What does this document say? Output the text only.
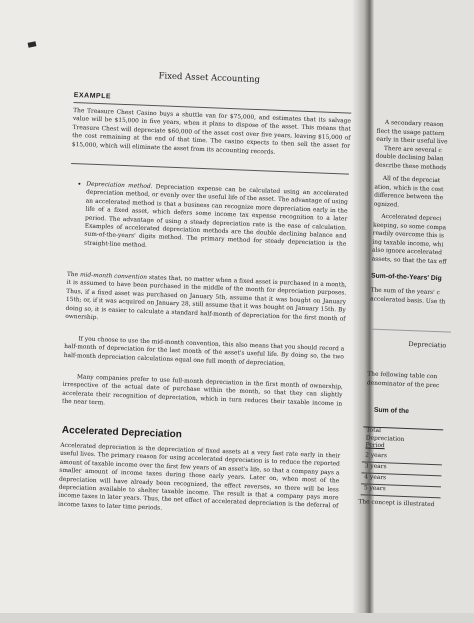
Fixed Asset Accounting
EXAMPLE
The Treasure Chest Casino buys a shuttle van for $75,000, and estimates that its salvage value will be $15,000 in five years, when it plans to dispose of the asset. This means that Treasure Chest will depreciate $60,000 of the asset cost over five years, leaving $15,000 of the cost remaining at the end of that time. The casino expects to then sell the asset for $15,000, which will eliminate the asset from its accounting records.
• Depreciation method. Depreciation expense can be calculated using an accelerated depreciation method, or evenly over the useful life of the asset. The advantage of using an accelerated method is that a business can recognize more depreciation early in the life of a fixed asset, which defers some income tax expense recognition to a later period. The advantage of using a steady depreciation rate is the ease of calculation. Examples of accelerated depreciation methods are the double declining balance and sum-of-the-years' digits method. The primary method for steady depreciation is the straight-line method.
The mid-month convention states that, no matter when a fixed asset is purchased in a month, it is assumed to have been purchased in the middle of the month for depreciation purposes. Thus, if a fixed asset was purchased on January 5th, assume that it was bought on January 15th; or, if it was acquired on January 28, still assume that it was bought on January 15th. By doing so, it is easier to calculate a standard half-month of depreciation for the first month of ownership.
If you choose to use the mid-month convention, this also means that you should record a half-month of depreciation for the last month of the asset's useful life. By doing so, the two half-month depreciation calculations equal one full month of depreciation.
Many companies prefer to use full-month depreciation in the first month of ownership, irrespective of the actual date of purchase within the month, so that they can slightly accelerate their recognition of depreciation, which in turn reduces their taxable income in the near term.
Accelerated Depreciation
Accelerated depreciation is the depreciation of fixed assets at a very fast rate early in their useful lives. The primary reason for using accelerated depreciation is to reduce the reported amount of taxable income over the first few years of an asset's life, so that a company pays a smaller amount of income taxes during those early years. Later on, when most of the depreciation will have already been recognized, the effect reverses, so there will be less depreciation available to shelter taxable income. The result is that a company pays more income taxes in later years. Thus, the net effect of accelerated depreciation is the deferral of income taxes to later time periods.
A secondary reason
flect the usage pattern
early in their useful live
There are several c
double declining balan
describe these methods
All of the depreciat
ation, which is the cost
difference between the
ognized.
Accelerated depreci
keeping, so some compa
readily overcome this is
ing taxable income, whi
also ignore accelerated
assets, so that the tax eff
Sum-of-the-Years' Dig
The sum of the years' c
accelerated basis. Use th
Depreciatio
The following table con
denominator of the prec
Sum of the
Total
Depreciation
Period
2 years
3 years
4 years
5 years
The concept is illustrated
